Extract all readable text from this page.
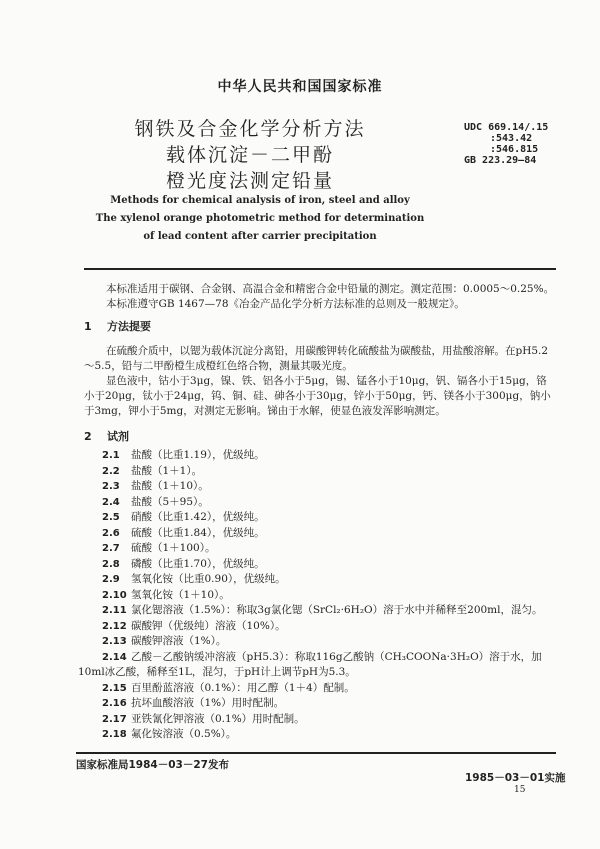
中华人民共和国国家标准
钢铁及合金化学分析方法
载体沉淀－二甲酚
橙光度法测定铅量
UDC 669.14/.15
:543.42
:546.815
GB 223.29—84
Methods for chemical analysis of iron, steel and alloy
The xylenol orange photometric method for determination
of lead content after carrier precipitation
本标准适用于碳钢、合金钢、高温合金和精密合金中铅量的测定。测定范围：0.0005～0.25%。
本标准遵守GB 1467—78《冶金产品化学分析方法标准的总则及一般规定》。
1 方法提要
在硫酸介质中，以锶为载体沉淀分离铅，用碳酸钾转化硫酸盐为碳酸盐，用盐酸溶解。在pH5.2～5.5，铅与二甲酚橙生成橙红色络合物，测量其吸光度。
显色液中，钴小于3μg，镍、铁、铝各小于5μg，锡、锰各小于10μg，钒、镉各小于15μg，铬小于20μg，钛小于24μg，钨、铜、硅、砷各小于30μg，锌小于50μg，钙、镁各小于300μg，钠小于3mg，钾小于5mg，对测定无影响。锑由于水解，使显色液发浑影响测定。
2 试剂
2.1 盐酸（比重1.19），优级纯。
2.2 盐酸（1＋1）。
2.3 盐酸（1＋10）。
2.4 盐酸（5＋95）。
2.5 硝酸（比重1.42），优级纯。
2.6 硫酸（比重1.84），优级纯。
2.7 硫酸（1＋100）。
2.8 磷酸（比重1.70），优级纯。
2.9 氢氧化铵（比重0.90），优级纯。
2.10 氢氧化铵（1＋10）。
2.11 氯化锶溶液（1.5%）：称取3g氯化锶（SrCl₂·6H₂O）溶于水中并稀释至200ml，混匀。
2.12 碳酸钾（优级纯）溶液（10%）。
2.13 碳酸钾溶液（1%）。
2.14 乙酸－乙酸钠缓冲溶液（pH5.3）：称取116g乙酸钠（CH₃COONa·3H₂O）溶于水，加
10ml冰乙酸，稀释至1L，混匀，于pH计上调节pH为5.3。
2.15 百里酚蓝溶液（0.1%）：用乙醇（1＋4）配制。
2.16 抗坏血酸溶液（1%）用时配制。
2.17 亚铁氰化钾溶液（0.1%）用时配制。
2.18 氟化铵溶液（0.5%）。
国家标准局1984－03－27发布
1985－03－01实施
15
